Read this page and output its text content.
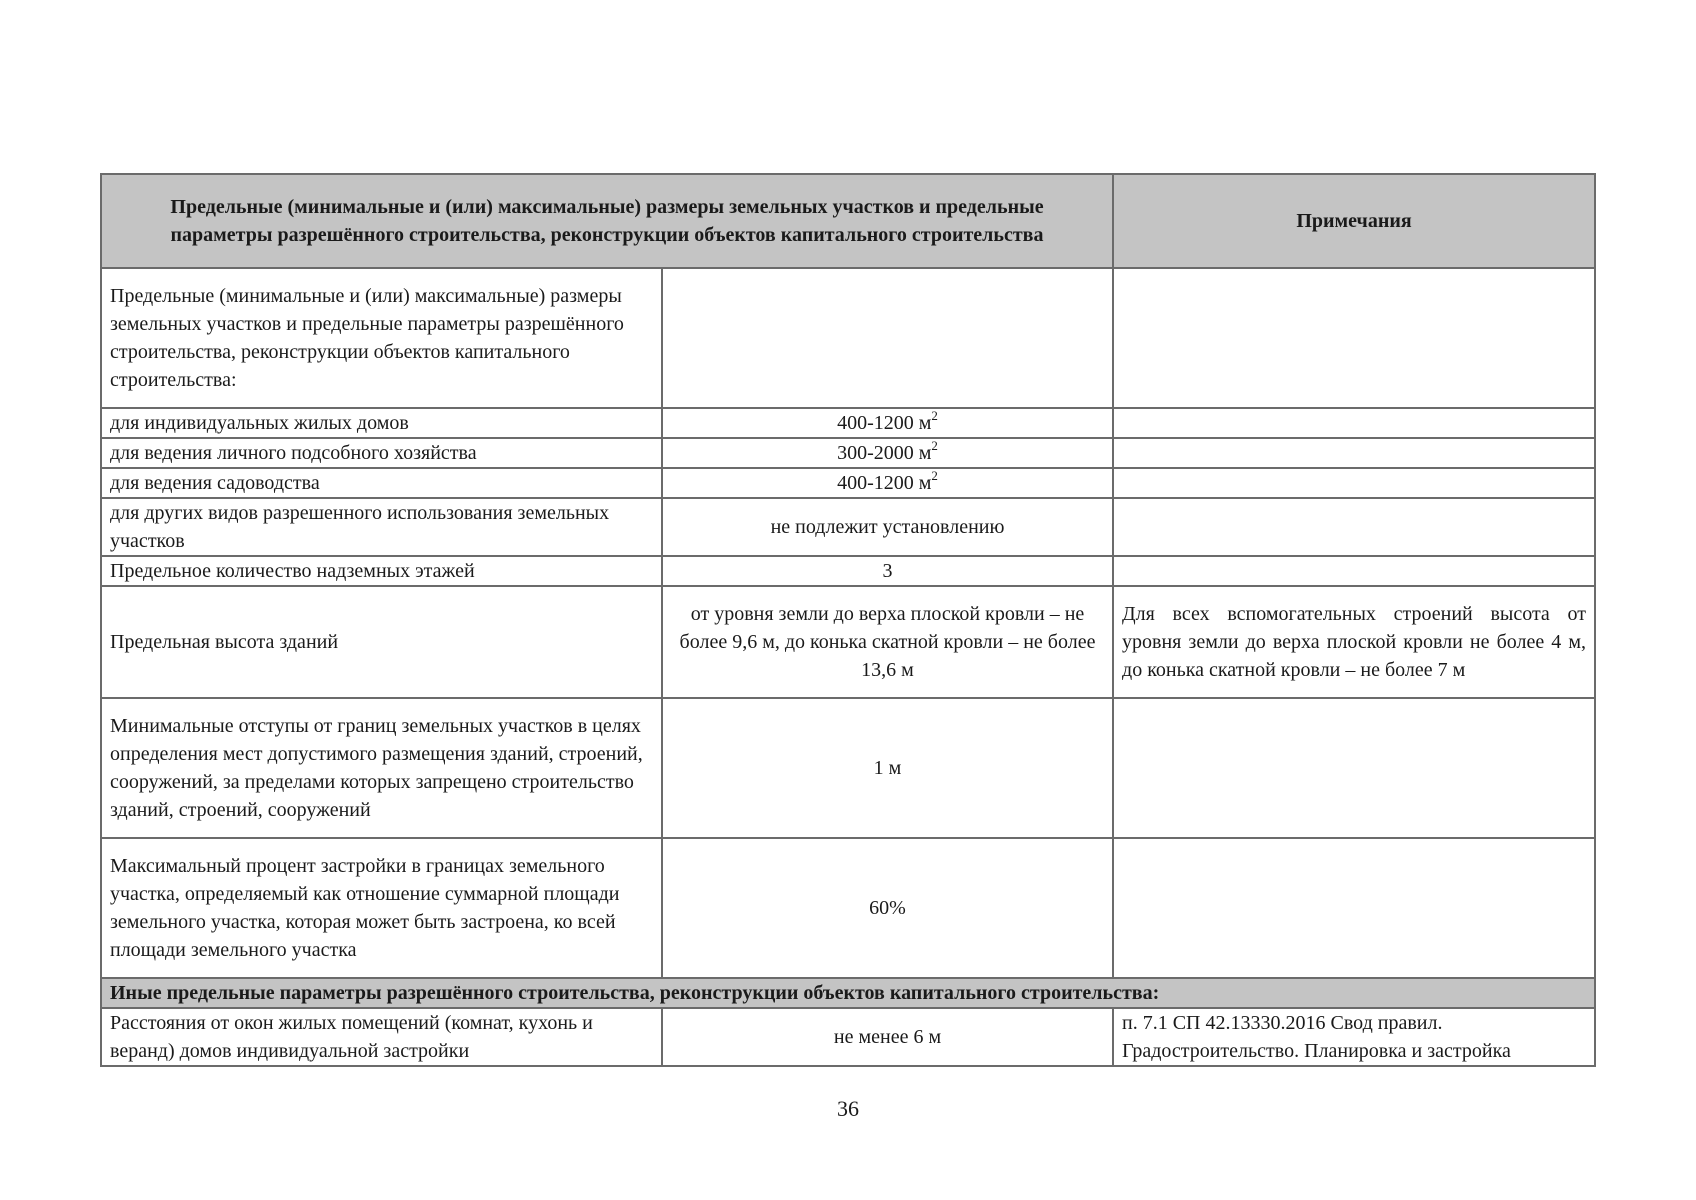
Предельные (минимальные и (или) максимальные) размеры земельных участков и предельные параметры разрешённого строительства, реконструкции объектов капитального строительства		Примечания
Предельные (минимальные и (или) максимальные) размеры земельных участков и предельные параметры разрешённого строительства, реконструкции объектов капитального строительства:		
для индивидуальных жилых домов	400-1200 $м^2$	
для ведения личного подсобного хозяйства	300-2000 $м^2$	
для ведения садоводства	400-1200 $м^2$	
для других видов разрешенного использования земельных участков	не подлежит установлению	
Предельное количество надземных этажей	3	
Предельная высота зданий	от уровня земли до верха плоской кровли – не более 9,6 м, до конька скатной кровли – не более 13,6 м	Для всех вспомогательных строений высота от уровня земли до верха плоской кровли не более 4 м, до конька скатной кровли – не более 7 м
Минимальные отступы от границ земельных участков в целях определения мест допустимого размещения зданий, строений, сооружений, за пределами которых запрещено строительство зданий, строений, сооружений	1 м	
Максимальный процент застройки в границах земельного участка, определяемый как отношение суммарной площади земельного участка, которая может быть застроена, ко всей площади земельного участка	60%	
Иные предельные параметры разрешённого строительства, реконструкции объектов капитального строительства:		
Расстояния от окон жилых помещений (комнат, кухонь и веранд) домов индивидуальной застройки	не менее 6 м	п. 7.1 СП 42.13330.2016 Свод правил. Градостроительство. Планировка и застройка
36
